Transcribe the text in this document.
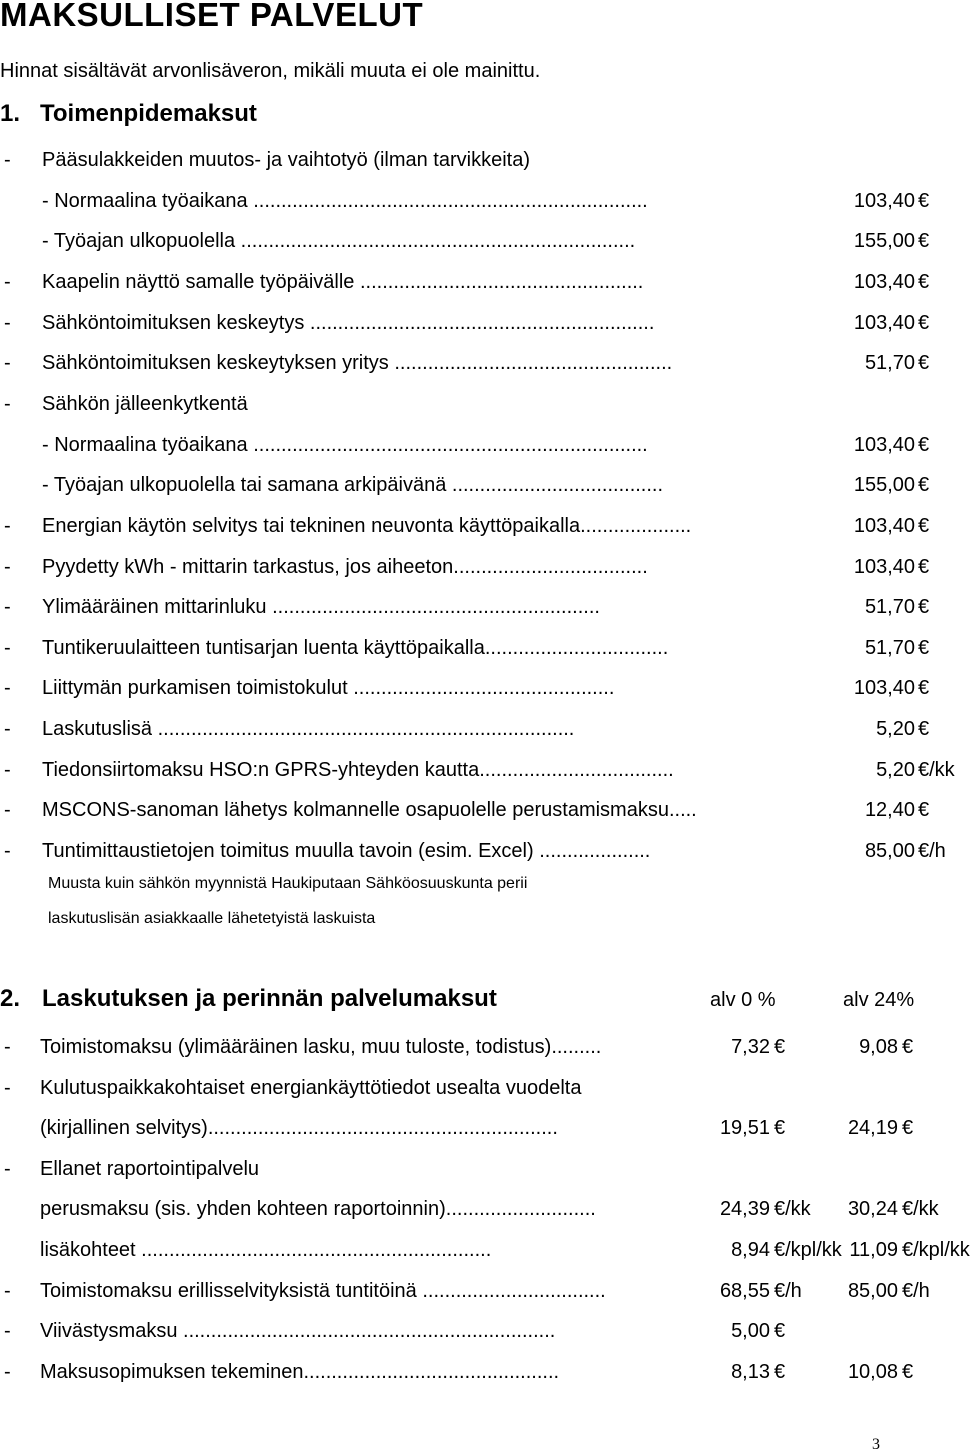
MAKSULLISET PALVELUT
Hinnat sisältävät arvonlisäveron, mikäli muuta ei ole mainittu.
1. Toimenpidemaksut
- Pääsulakkeiden muutos- ja vaihtotyö (ilman tarvikkeita)
- Normaalina työaikana .......................................................................	103,40 €
- Työajan ulkopuolella .......................................................................	155,00 €
- Kaapelin näyttö samalle työpäivälle ...................................................	103,40 €
- Sähköntoimituksen keskeytys ..............................................................	103,40 €
- Sähköntoimituksen keskeytyksen yritys ..................................................	51,70 €
- Sähkön jälleenkytkentä
- Normaalina työaikana .......................................................................	103,40 €
- Työajan ulkopuolella tai samana arkipäivänä ......................................	155,00 €
- Energian käytön selvitys tai tekninen neuvonta käyttöpaikalla....................	103,40 €
- Pyydetty kWh - mittarin tarkastus, jos aiheeton...................................	103,40 €
- Ylimääräinen mittarinluku ...........................................................	51,70 €
- Tuntikeruulaitteen tuntisarjan luenta käyttöpaikalla.................................	51,70 €
- Liittymän purkamisen toimistokulut ...............................................	103,40 €
- Laskutuslisä ...........................................................................	5,20 €
- Tiedonsiirtomaksu HSO:n GPRS-yhteyden kautta...................................	5,20 €/kk
- MSCONS-sanoman lähetys kolmannelle osapuolelle perustamismaksu.....	12,40 €
- Tuntimittaustietojen toimitus muulla tavoin (esim. Excel) ....................	85,00 €/h
Muusta kuin sähkön myynnistä Haukiputaan Sähköosuuskunta perii
laskutuslisän asiakkaalle lähetetyistä laskuista
2. Laskutuksen ja perinnän palvelumaksut	alv 0 %	alv 24%
- Toimistomaksu (ylimääräinen lasku, muu tuloste, todistus).........	7,32 €	9,08 €
- Kulutuspaikkakohtaiset energiankäyttötiedot usealta vuodelta
(kirjallinen selvitys)...............................................................	19,51 €	24,19 €
- Ellanet raportointipalvelu
perusmaksu (sis. yhden kohteen raportoinnin)...........................	24,39 €/kk	30,24 €/kk
lisäkohteet ...............................................................	8,94 €/kpl/kk 11,09 €/kpl/kk
- Toimistomaksu erillisselvityksistä tuntitöinä .................................	68,55 €/h	85,00 €/h
- Viivästysmaksu ...................................................................	5,00 €
- Maksusopimuksen tekeminen..............................................	8,13 €	10,08 €
3
